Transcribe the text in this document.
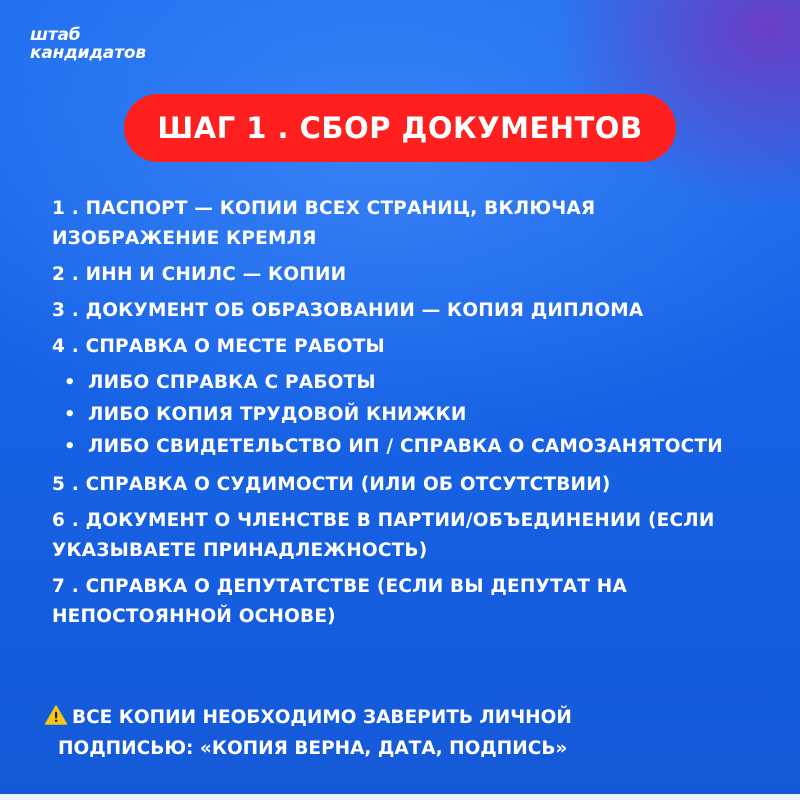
штаб
кандидатов
ШАГ 1 . СБОР ДОКУМЕНТОВ
1 . ПАСПОРТ — КОПИИ ВСЕХ СТРАНИЦ, ВКЛЮЧАЯ ИЗОБРАЖЕНИЕ КРЕМЛЯ
2 . ИНН И СНИЛС — КОПИИ
3 . ДОКУМЕНТ ОБ ОБРАЗОВАНИИ — КОПИЯ ДИПЛОМА
4 . СПРАВКА О МЕСТЕ РАБОТЫ
• ЛИБО СПРАВКА С РАБОТЫ
• ЛИБО КОПИЯ ТРУДОВОЙ КНИЖКИ
• ЛИБО СВИДЕТЕЛЬСТВО ИП / СПРАВКА О САМОЗАНЯТОСТИ
5 . СПРАВКА О СУДИМОСТИ (ИЛИ ОБ ОТСУТСТВИИ)
6 . ДОКУМЕНТ О ЧЛЕНСТВЕ В ПАРТИИ/ОБЪЕДИНЕНИИ (ЕСЛИ УКАЗЫВАЕТЕ ПРИНАДЛЕЖНОСТЬ)
7 . СПРАВКА О ДЕПУТАТСТВЕ (ЕСЛИ ВЫ ДЕПУТАТ НА НЕПОСТОЯННОЙ ОСНОВЕ)
ВСЕ КОПИИ НЕОБХОДИМО ЗАВЕРИТЬ ЛИЧНОЙ
ПОДПИСЬЮ: «КОПИЯ ВЕРНА, ДАТА, ПОДПИСЬ»
